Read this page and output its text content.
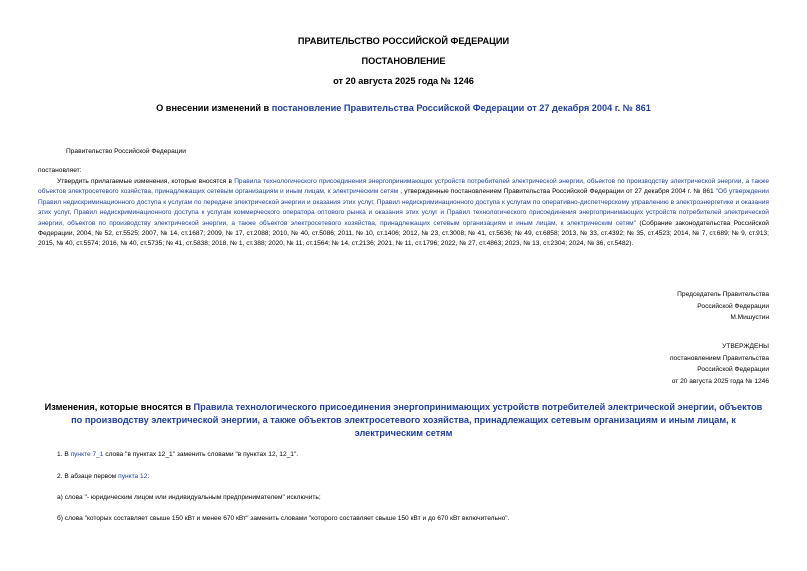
ПРАВИТЕЛЬСТВО РОССИЙСКОЙ ФЕДЕРАЦИИ
ПОСТАНОВЛЕНИЕ
от 20 августа 2025 года № 1246
О внесении изменений в постановление Правительства Российской Федерации от 27 декабря 2004 г. № 861
Правительство Российской Федерации
постановляет:
Утвердить прилагаемые изменения, которые вносятся в Правила технологического присоединения энергопринимающих устройств потребителей электрической энергии, объектов по производству электрической энергии, а также объектов электросетевого хозяйства, принадлежащих сетевым организациям и иным лицам, к электрическим сетям , утвержденные постановлением Правительства Российской Федерации от 27 декабря 2004 г. № 861 "Об утверждении Правил недискриминационного доступа к услугам по передаче электрической энергии и оказания этих услуг, Правил недискриминационного доступа к услугам по оперативно-диспетчерскому управлению в электроэнергетике и оказания этих услуг, Правил недискриминационного доступа к услугам коммерческого оператора оптового рынка и оказания этих услуг и Правил технологического присоединения энергопринимающих устройств потребителей электрической энергии, объектов по производству электрической энергии, а также объектов электросетевого хозяйства, принадлежащих сетевым организациям и иным лицам, к электрическим сетям" (Собрание законодательства Российской Федерации, 2004, № 52, ст.5525; 2007, № 14, ст.1687; 2009, № 17, ст.2088; 2010, № 40, ст.5086; 2011, № 10, ст.1406; 2012, № 23, ст.3008; № 41, ст.5636; № 49, ст.6858; 2013, № 33, ст.4392; № 35, ст.4523; 2014, № 7, ст.689; № 9, ст.913; 2015, № 40, ст.5574; 2016, № 40, ст.5735; № 41, ст.5838; 2018, № 1, ст.388; 2020, № 11, ст.1564; № 14, ст.2136; 2021, № 11, ст.1796; 2022, № 27, ст.4863; 2023, № 13, ст.2304; 2024, № 36, ст.5482).
Председатель Правительства
Российской Федерации
М.Мишустин
УТВЕРЖДЕНЫ
постановлением Правительства
Российской Федерации
от 20 августа 2025 года № 1246
Изменения, которые вносятся в Правила технологического присоединения энергопринимающих устройств потребителей электрической энергии, объектов по производству электрической энергии, а также объектов электросетевого хозяйства, принадлежащих сетевым организациям и иным лицам, к электрическим сетям
1. В пункте 7_1 слова "в пунктах 12_1" заменить словами "в пунктах 12, 12_1".
2. В абзаце первом пункта 12:
а) слова "- юридическим лицом или индивидуальным предпринимателем" исключить;
б) слова "которых составляет свыше 150 кВт и менее 670 кВт" заменить словами "которого составляет свыше 150 кВт и до 670 кВт включительно".
